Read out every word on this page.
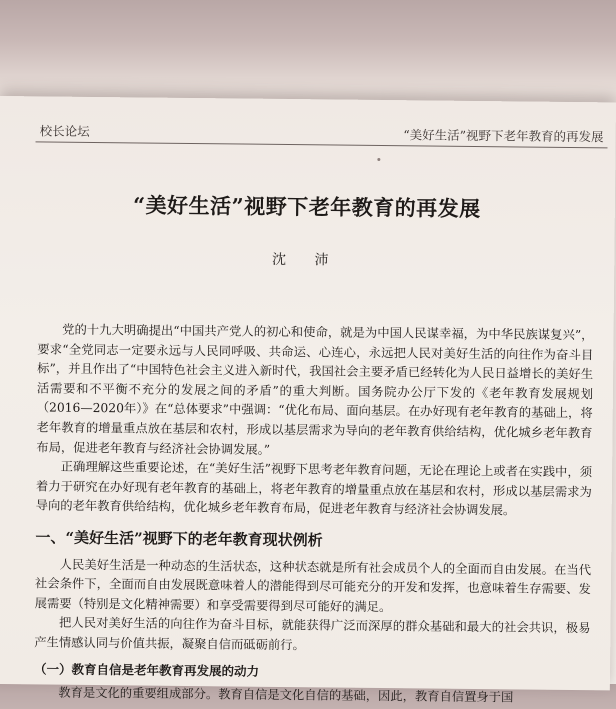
校长论坛	“美好生活”视野下老年教育的再发展
“美好生活”视野下老年教育的再发展
沈 沛

党的十九大明确提出“中国共产党人的初心和使命，就是为中国人民谋幸福，为中华民族谋复兴”，要求“全党同志一定要永远与人民同呼吸、共命运、心连心，永远把人民对美好生活的向往作为奋斗目标”，并且作出了“中国特色社会主义进入新时代，我国社会主要矛盾已经转化为人民日益增长的美好生活需要和不平衡不充分的发展之间的矛盾”的重大判断。国务院办公厅下发的《老年教育发展规划（2016—2020年）》在“总体要求”中强调：“优化布局、面向基层。在办好现有老年教育的基础上，将老年教育的增量重点放在基层和农村，形成以基层需求为导向的老年教育供给结构，优化城乡老年教育布局，促进老年教育与经济社会协调发展。”

正确理解这些重要论述，在“美好生活”视野下思考老年教育问题，无论在理论上或者在实践中，须着力于研究在办好现有老年教育的基础上，将老年教育的增量重点放在基层和农村，形成以基层需求为导向的老年教育供给结构，优化城乡老年教育布局，促进老年教育与经济社会协调发展。

一、“美好生活”视野下的老年教育现状例析

人民美好生活是一种动态的生活状态，这种状态就是所有社会成员个人的全面而自由发展。在当代社会条件下，全面而自由发展既意味着人的潜能得到尽可能充分的开发和发挥，也意味着生存需要、发展需要（特别是文化精神需要）和享受需要得到尽可能好的满足。

把人民对美好生活的向往作为奋斗目标，就能获得广泛而深厚的群众基础和最大的社会共识，极易产生情感认同与价值共振，凝聚自信而砥砺前行。

（一）教育自信是老年教育再发展的动力

教育是文化的重要组成部分。教育自信是文化自信的基础，因此，教育自信置身于国
